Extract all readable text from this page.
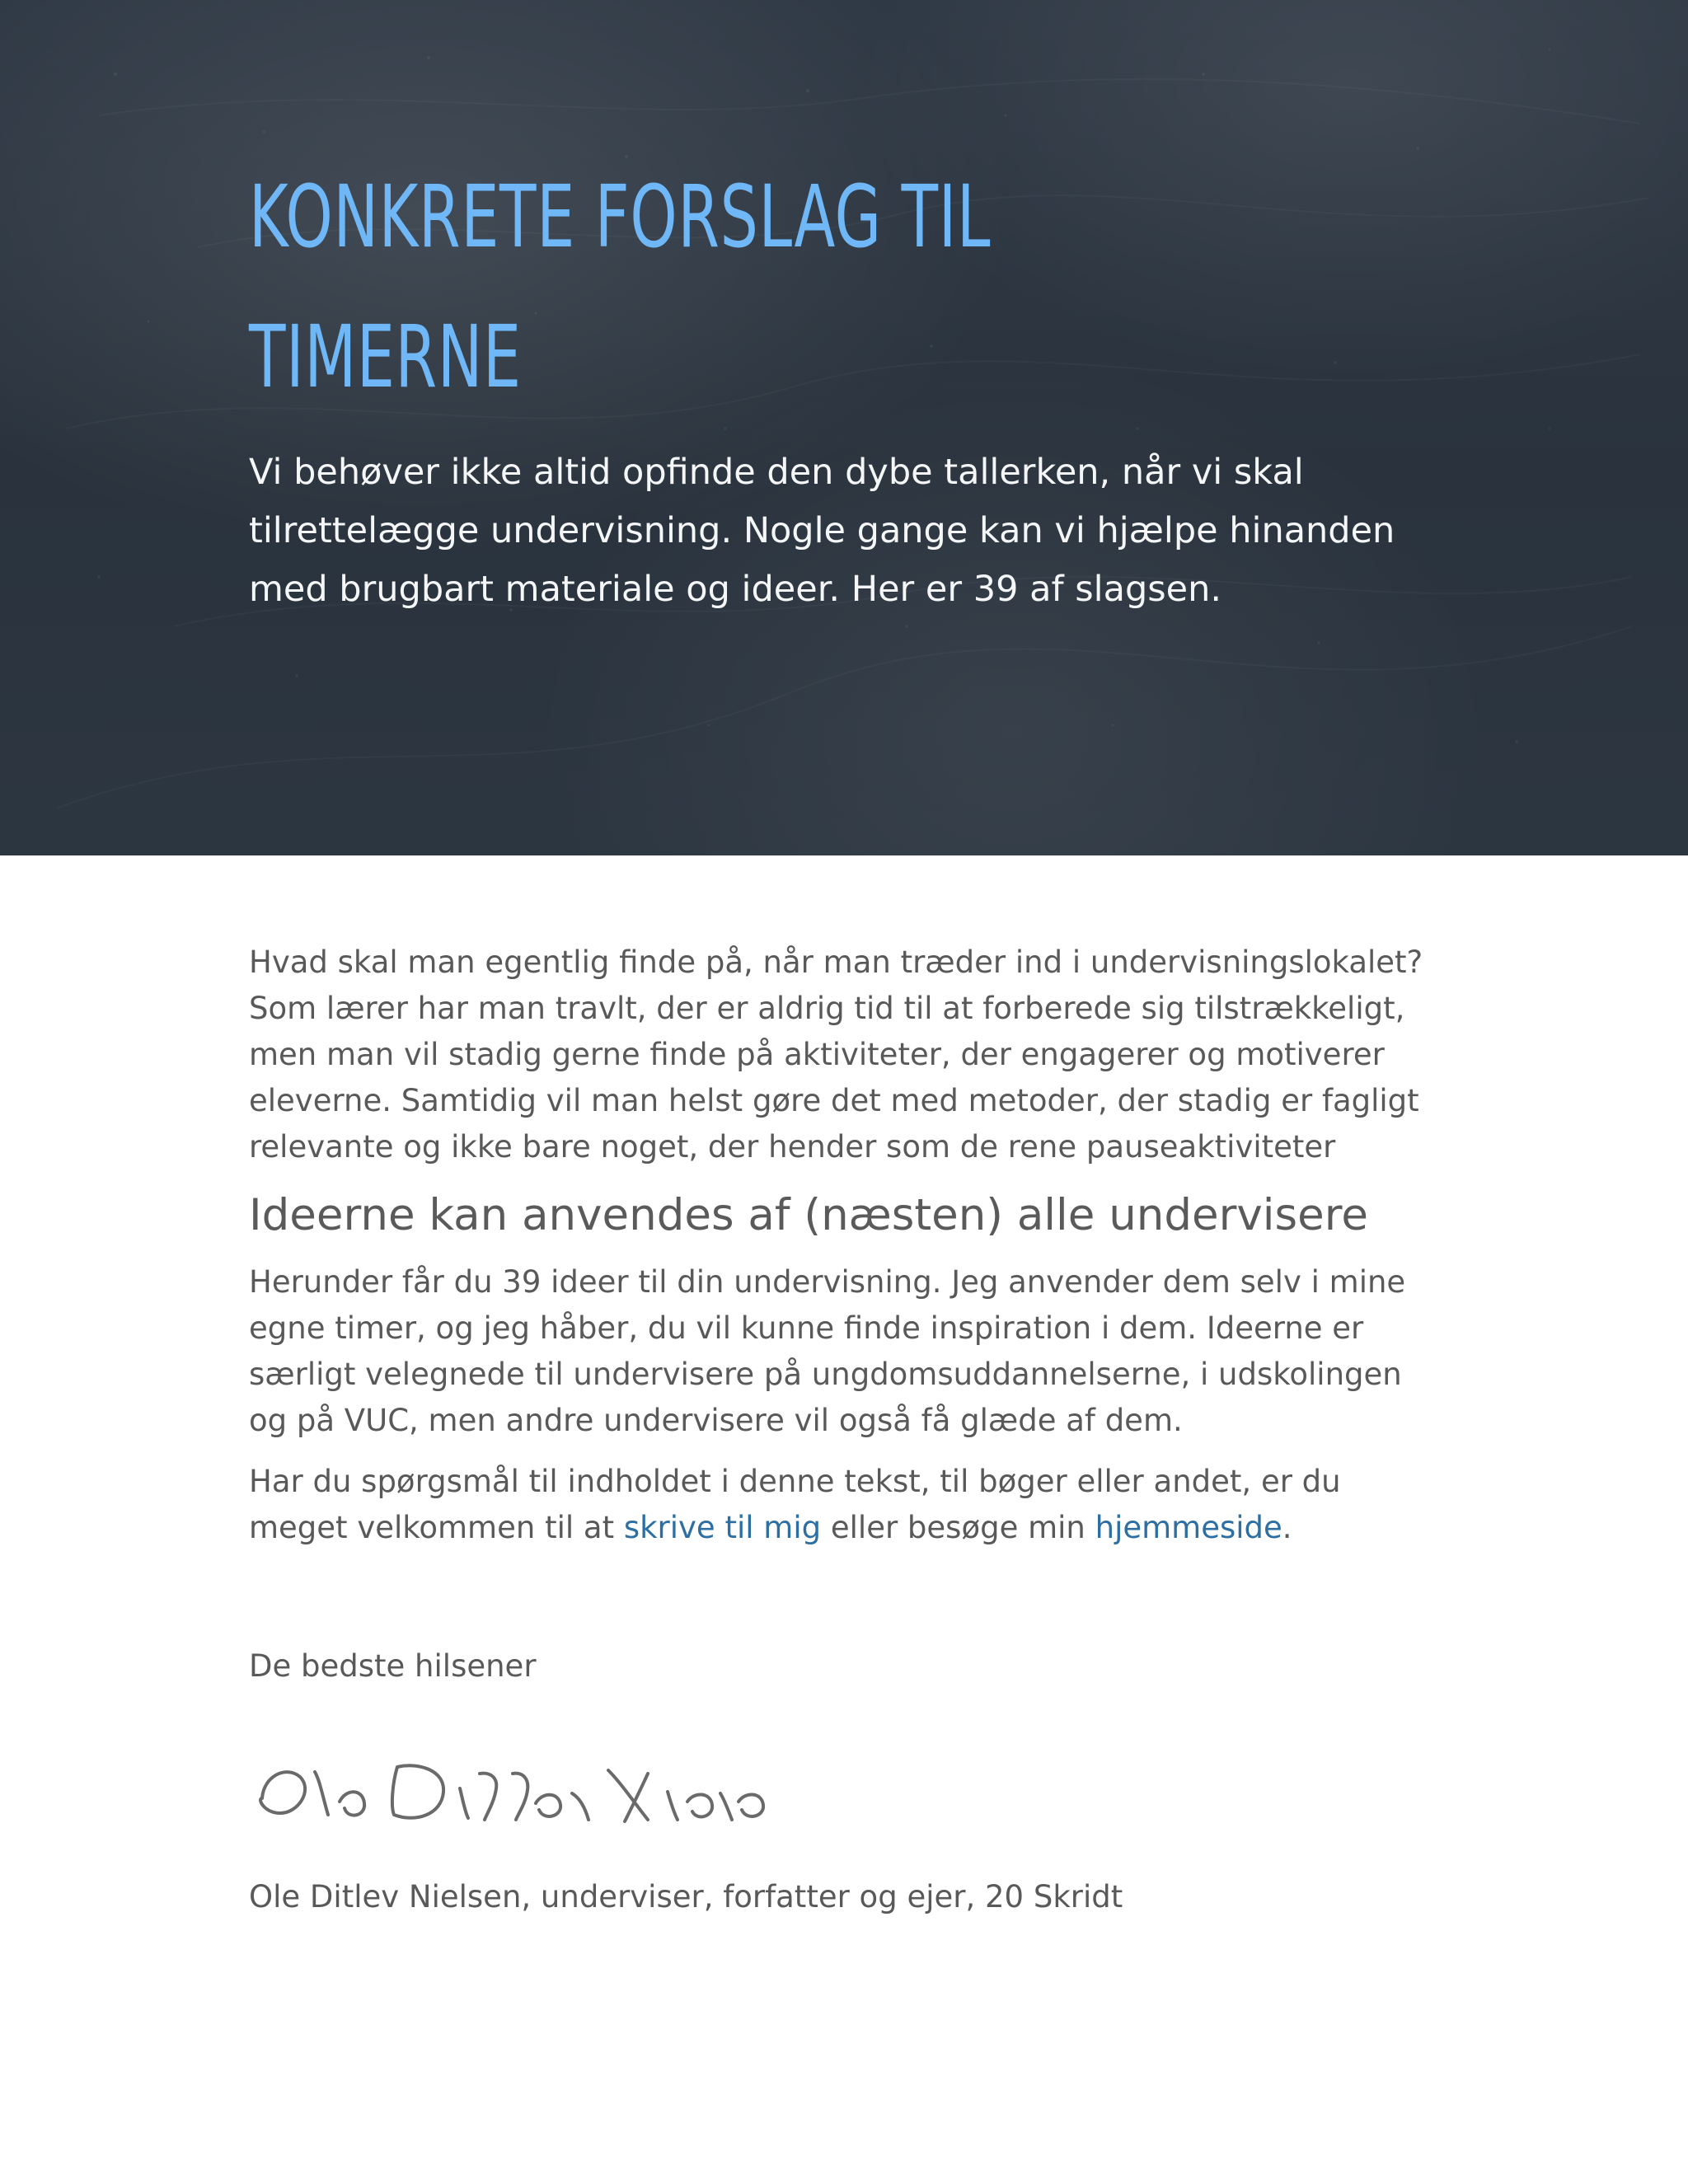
KONKRETE FORSLAG TIL TIMERNE

Vi behøver ikke altid opfinde den dybe tallerken, når vi skal tilrettelægge undervisning. Nogle gange kan vi hjælpe hinanden med brugbart materiale og ideer. Her er 39 af slagsen.

Hvad skal man egentlig finde på, når man træder ind i undervisningslokalet? Som lærer har man travlt, der er aldrig tid til at forberede sig tilstrækkeligt, men man vil stadig gerne finde på aktiviteter, der engagerer og motiverer eleverne. Samtidig vil man helst gøre det med metoder, der stadig er fagligt relevante og ikke bare noget, der hender som de rene pauseaktiviteter

Ideerne kan anvendes af (næsten) alle undervisere

Herunder får du 39 ideer til din undervisning. Jeg anvender dem selv i mine egne timer, og jeg håber, du vil kunne finde inspiration i dem. Ideerne er særligt velegnede til undervisere på ungdomsuddannelserne, i udskolingen og på VUC, men andre undervisere vil også få glæde af dem.

Har du spørgsmål til indholdet i denne tekst, til bøger eller andet, er du meget velkommen til at skrive til mig eller besøge min hjemmeside.

De bedste hilsener
Ole Ditlev Nielsen, underviser, forfatter og ejer, 20 Skridt
